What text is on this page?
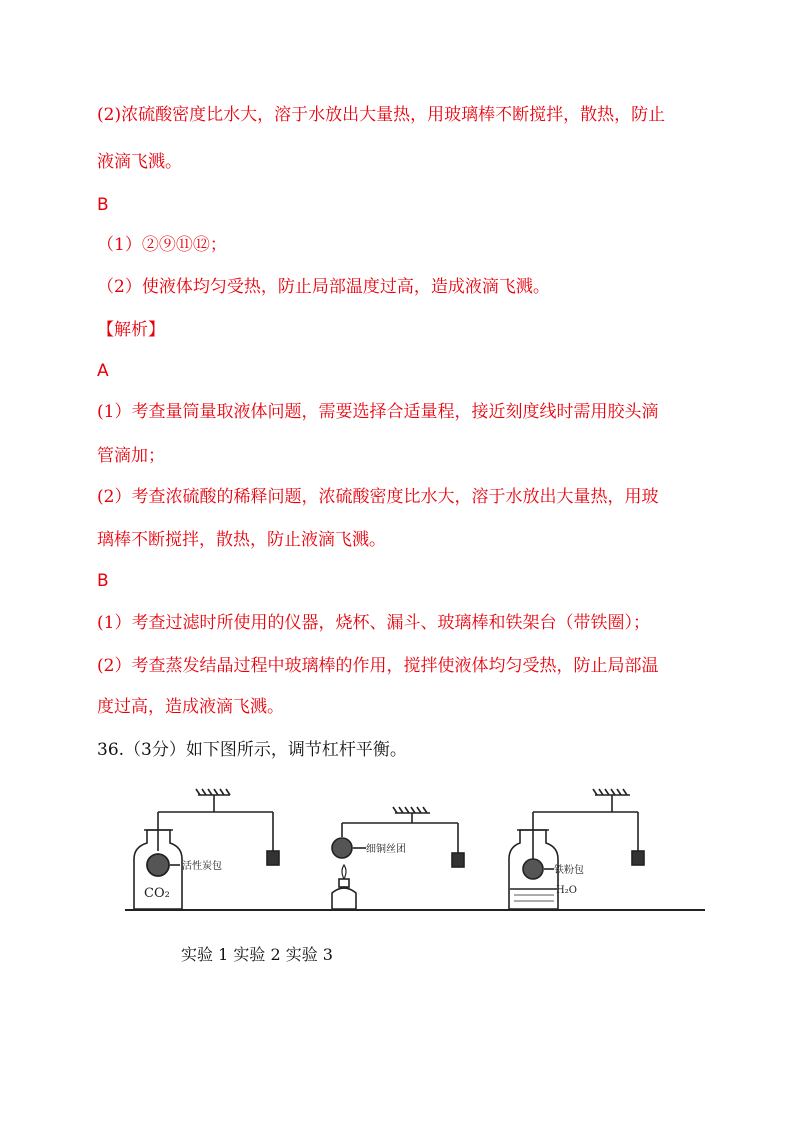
(2)浓硫酸密度比水大，溶于水放出大量热，用玻璃棒不断搅拌，散热，防止
液滴飞溅。
B
（1）②⑨⑪⑫；
（2）使液体均匀受热，防止局部温度过高，造成液滴飞溅。
【解析】
A
(1）考查量筒量取液体问题，需要选择合适量程，接近刻度线时需用胶头滴
管滴加；
(2）考查浓硫酸的稀释问题，浓硫酸密度比水大，溶于水放出大量热，用玻
璃棒不断搅拌，散热，防止液滴飞溅。
B
(1）考查过滤时所使用的仪器，烧杯、漏斗、玻璃棒和铁架台（带铁圈）；
(2）考查蒸发结晶过程中玻璃棒的作用，搅拌使液体均匀受热，防止局部温
度过高，造成液滴飞溅。
36.（3分）如下图所示，调节杠杆平衡。
活性炭包
CO₂
细铜丝团
铁粉包
H₂O
实验 1 实验 2 实验 3
